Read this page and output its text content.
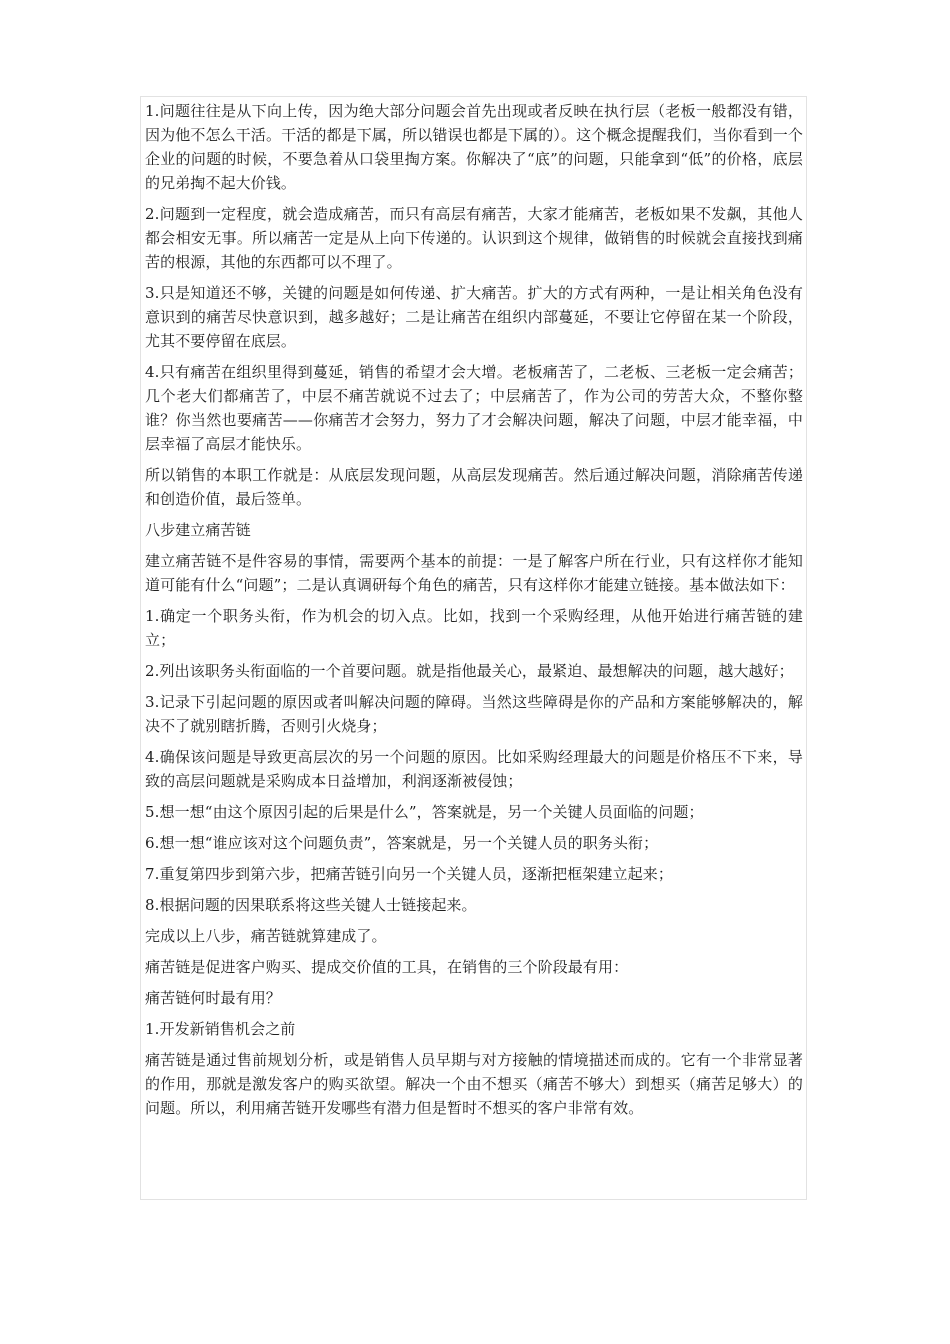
1.问题往往是从下向上传，因为绝大部分问题会首先出现或者反映在执行层（老板一般都没有错，因为他不怎么干活。干活的都是下属，所以错误也都是下属的）。这个概念提醒我们，当你看到一个企业的问题的时候，不要急着从口袋里掏方案。你解决了“底”的问题，只能拿到“低”的价格，底层的兄弟掏不起大价钱。

2.问题到一定程度，就会造成痛苦，而只有高层有痛苦，大家才能痛苦，老板如果不发飙，其他人都会相安无事。所以痛苦一定是从上向下传递的。认识到这个规律，做销售的时候就会直接找到痛苦的根源，其他的东西都可以不理了。

3.只是知道还不够，关键的问题是如何传递、扩大痛苦。扩大的方式有两种，一是让相关角色没有意识到的痛苦尽快意识到，越多越好；二是让痛苦在组织内部蔓延，不要让它停留在某一个阶段，尤其不要停留在底层。

4.只有痛苦在组织里得到蔓延，销售的希望才会大增。老板痛苦了，二老板、三老板一定会痛苦；几个老大们都痛苦了，中层不痛苦就说不过去了；中层痛苦了，作为公司的劳苦大众，不整你整谁？你当然也要痛苦——你痛苦才会努力，努力了才会解决问题，解决了问题，中层才能幸福，中层幸福了高层才能快乐。

所以销售的本职工作就是：从底层发现问题，从高层发现痛苦。然后通过解决问题，消除痛苦传递和创造价值，最后签单。

八步建立痛苦链

建立痛苦链不是件容易的事情，需要两个基本的前提：一是了解客户所在行业，只有这样你才能知道可能有什么“问题”；二是认真调研每个角色的痛苦，只有这样你才能建立链接。基本做法如下：

1.确定一个职务头衔，作为机会的切入点。比如，找到一个采购经理，从他开始进行痛苦链的建立；

2.列出该职务头衔面临的一个首要问题。就是指他最关心，最紧迫、最想解决的问题，越大越好；

3.记录下引起问题的原因或者叫解决问题的障碍。当然这些障碍是你的产品和方案能够解决的，解决不了就别瞎折腾，否则引火烧身；

4.确保该问题是导致更高层次的另一个问题的原因。比如采购经理最大的问题是价格压不下来，导致的高层问题就是采购成本日益增加，利润逐渐被侵蚀；

5.想一想“由这个原因引起的后果是什么”，答案就是，另一个关键人员面临的问题；

6.想一想“谁应该对这个问题负责”，答案就是，另一个关键人员的职务头衔；

7.重复第四步到第六步，把痛苦链引向另一个关键人员，逐渐把框架建立起来；

8.根据问题的因果联系将这些关键人士链接起来。

完成以上八步，痛苦链就算建成了。

痛苦链是促进客户购买、提成交价值的工具，在销售的三个阶段最有用：

痛苦链何时最有用？

1.开发新销售机会之前

痛苦链是通过售前规划分析，或是销售人员早期与对方接触的情境描述而成的。它有一个非常显著的作用，那就是激发客户的购买欲望。解决一个由不想买（痛苦不够大）到想买（痛苦足够大）的问题。所以，利用痛苦链开发哪些有潜力但是暂时不想买的客户非常有效。
